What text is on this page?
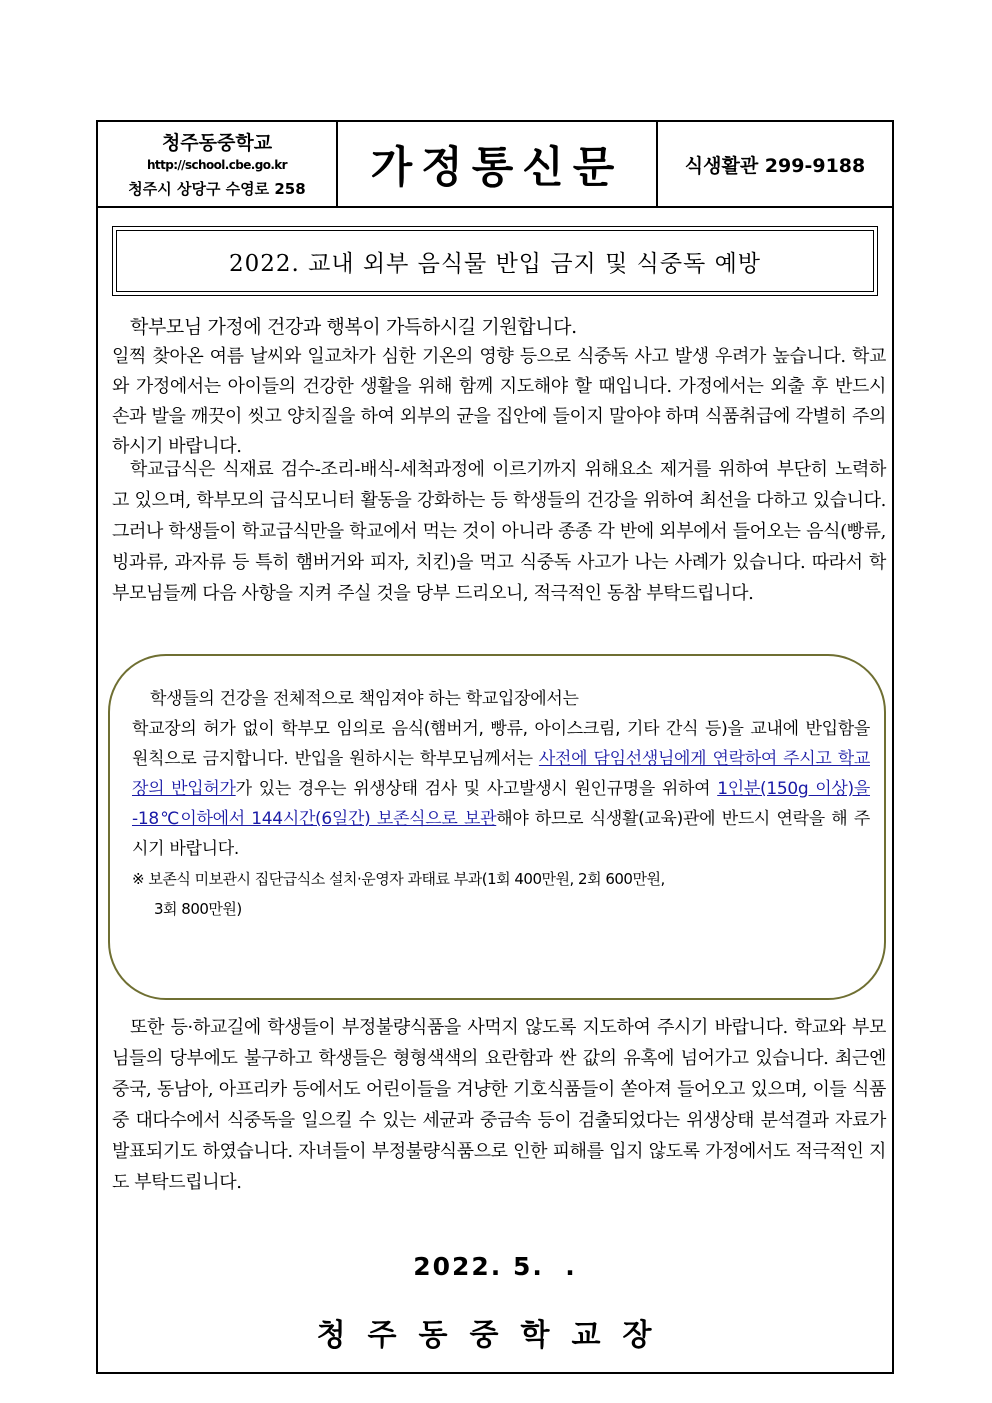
청주동중학교
http://school.cbe.go.kr
청주시 상당구 수영로 258	가정통신문	식생활관 299-9188
2022. 교내 외부 음식물 반입 금지 및 식중독 예방
학부모님 가정에 건강과 행복이 가득하시길 기원합니다.
일찍 찾아온 여름 날씨와 일교차가 심한 기온의 영향 등으로 식중독 사고 발생 우려가 높습니다. 학교와 가정에서는 아이들의 건강한 생활을 위해 함께 지도해야 할 때입니다. 가정에서는 외출 후 반드시 손과 발을 깨끗이 씻고 양치질을 하여 외부의 균을 집안에 들이지 말아야 하며 식품취급에 각별히 주의하시기 바랍니다.
학교급식은 식재료 검수-조리-배식-세척과정에 이르기까지 위해요소 제거를 위하여 부단히 노력하고 있으며, 학부모의 급식모니터 활동을 강화하는 등 학생들의 건강을 위하여 최선을 다하고 있습니다. 그러나 학생들이 학교급식만을 학교에서 먹는 것이 아니라 종종 각 반에 외부에서 들어오는 음식(빵류, 빙과류, 과자류 등 특히 햄버거와 피자, 치킨)을 먹고 식중독 사고가 나는 사례가 있습니다. 따라서 학부모님들께 다음 사항을 지켜 주실 것을 당부 드리오니, 적극적인 동참 부탁드립니다.
학생들의 건강을 전체적으로 책임져야 하는 학교입장에서는
학교장의 허가 없이 학부모 임의로 음식(햄버거, 빵류, 아이스크림, 기타 간식 등)을 교내에 반입함을 원칙으로 금지합니다. 반입을 원하시는 학부모님께서는 사전에 담임선생님에게 연락하여 주시고 학교장의 반입허가가 있는 경우는 위생상태 검사 및 사고발생시 원인규명을 위하여 1인분(150g 이상)을 -18℃이하에서 144시간(6일간) 보존식으로 보관해야 하므로 식생활(교육)관에 반드시 연락을 해 주시기 바랍니다.
※ 보존식 미보관시 집단급식소 설치·운영자 과태료 부과(1회 400만원, 2회 600만원,
3회 800만원)
또한 등·하교길에 학생들이 부정불량식품을 사먹지 않도록 지도하여 주시기 바랍니다. 학교와 부모님들의 당부에도 불구하고 학생들은 형형색색의 요란함과 싼 값의 유혹에 넘어가고 있습니다. 최근엔 중국, 동남아, 아프리카 등에서도 어린이들을 겨냥한 기호식품들이 쏟아져 들어오고 있으며, 이들 식품 중 대다수에서 식중독을 일으킬 수 있는 세균과 중금속 등이 검출되었다는 위생상태 분석결과 자료가 발표되기도 하였습니다. 자녀들이 부정불량식품으로 인한 피해를 입지 않도록 가정에서도 적극적인 지도 부탁드립니다.
2022. 5.  .
청주동중학교장
